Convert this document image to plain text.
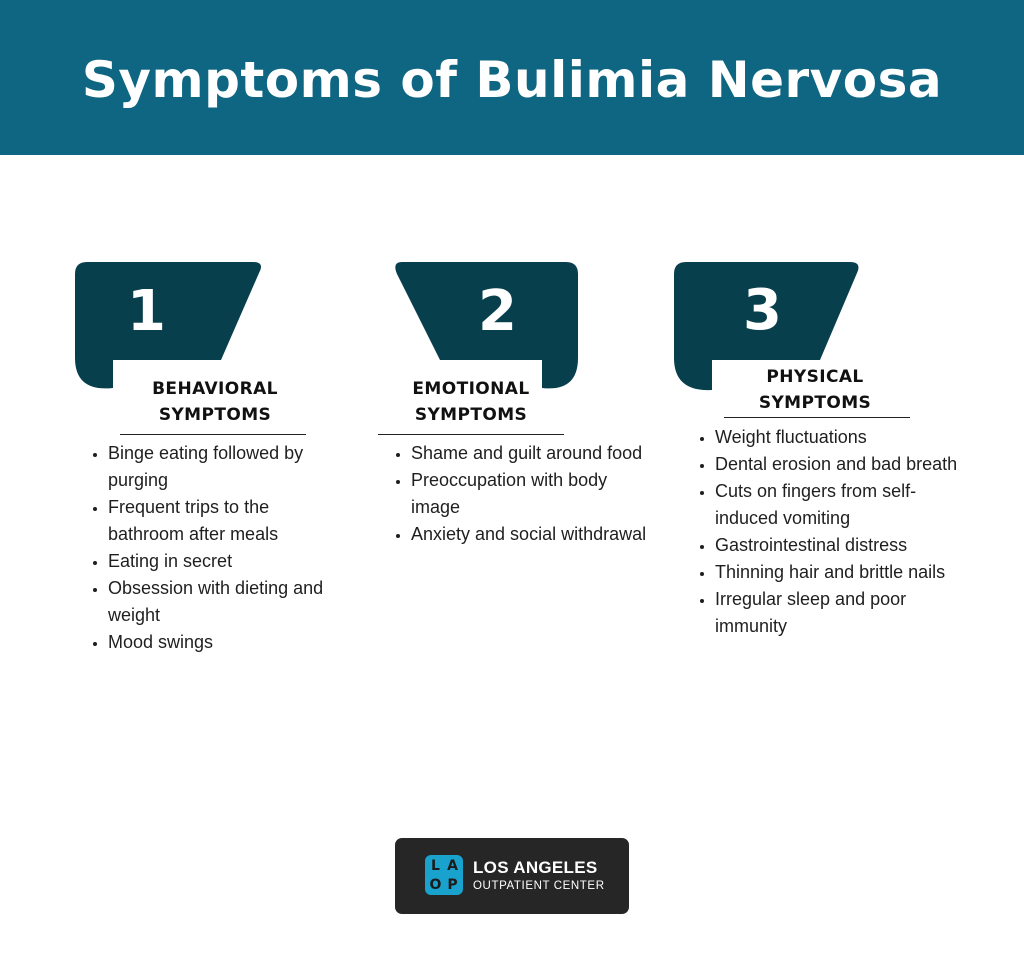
Symptoms of Bulimia Nervosa
1
BEHAVIORAL
SYMPTOMS
• Binge eating followed by purging
• Frequent trips to the bathroom after meals
• Eating in secret
• Obsession with dieting and weight
• Mood swings
2
EMOTIONAL
SYMPTOMS
• Shame and guilt around food
• Preoccupation with body image
• Anxiety and social withdrawal
3
PHYSICAL
SYMPTOMS
• Weight fluctuations
• Dental erosion and bad breath
• Cuts on fingers from self-induced vomiting
• Gastrointestinal distress
• Thinning hair and brittle nails
• Irregular sleep and poor immunity
L A
O P
LOS ANGELES
OUTPATIENT CENTER
